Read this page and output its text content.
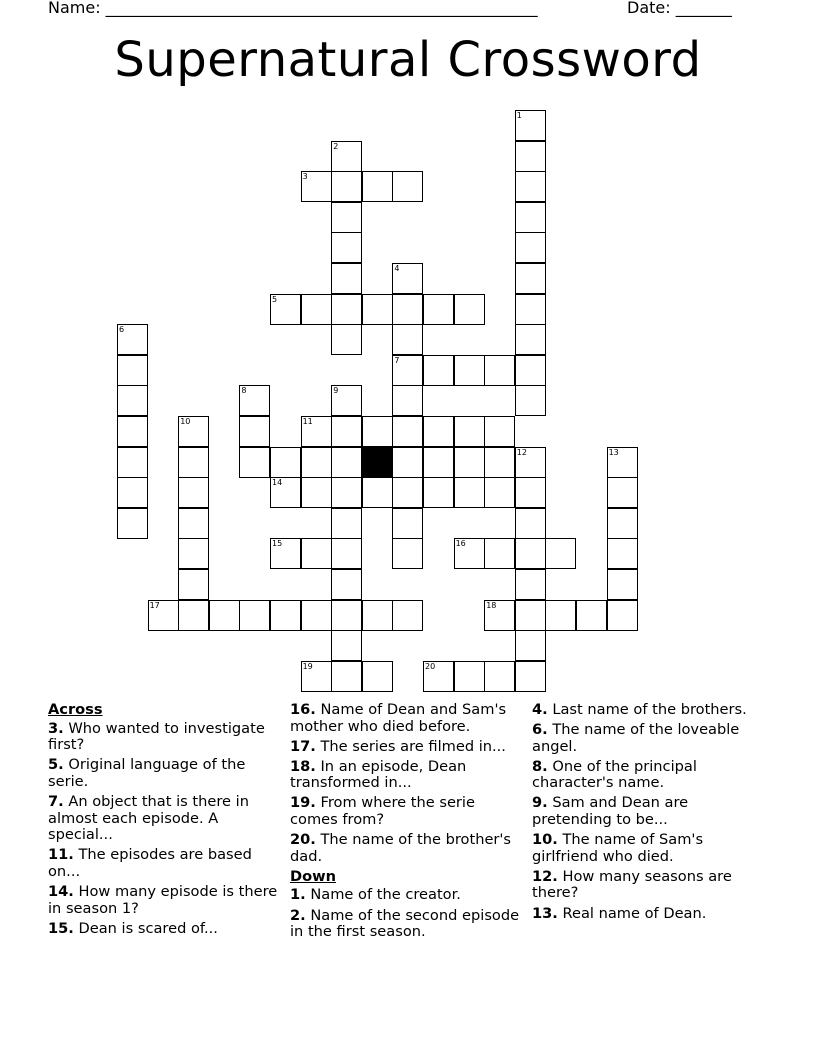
Name: ______________________________________________________	Date: _______
Supernatural Crossword
1
2
3
4
7
5
6
8	9
10	11
12	13
14
15	16
17	18
19	20
Across
3. Who wanted to investigate first?
5. Original language of the serie.
7. An object that is there in almost each episode. A special...
11. The episodes are based on...
14. How many episode is there in season 1?
15. Dean is scared of...
16. Name of Dean and Sam's mother who died before.
17. The series are filmed in...
18. In an episode, Dean transformed in...
19. From where the serie comes from?
20. The name of the brother's dad.
Down
1. Name of the creator.
2. Name of the second episode in the first season.
4. Last name of the brothers.
6. The name of the loveable angel.
8. One of the principal character's name.
9. Sam and Dean are pretending to be...
10. The name of Sam's girlfriend who died.
12. How many seasons are there?
13. Real name of Dean.
